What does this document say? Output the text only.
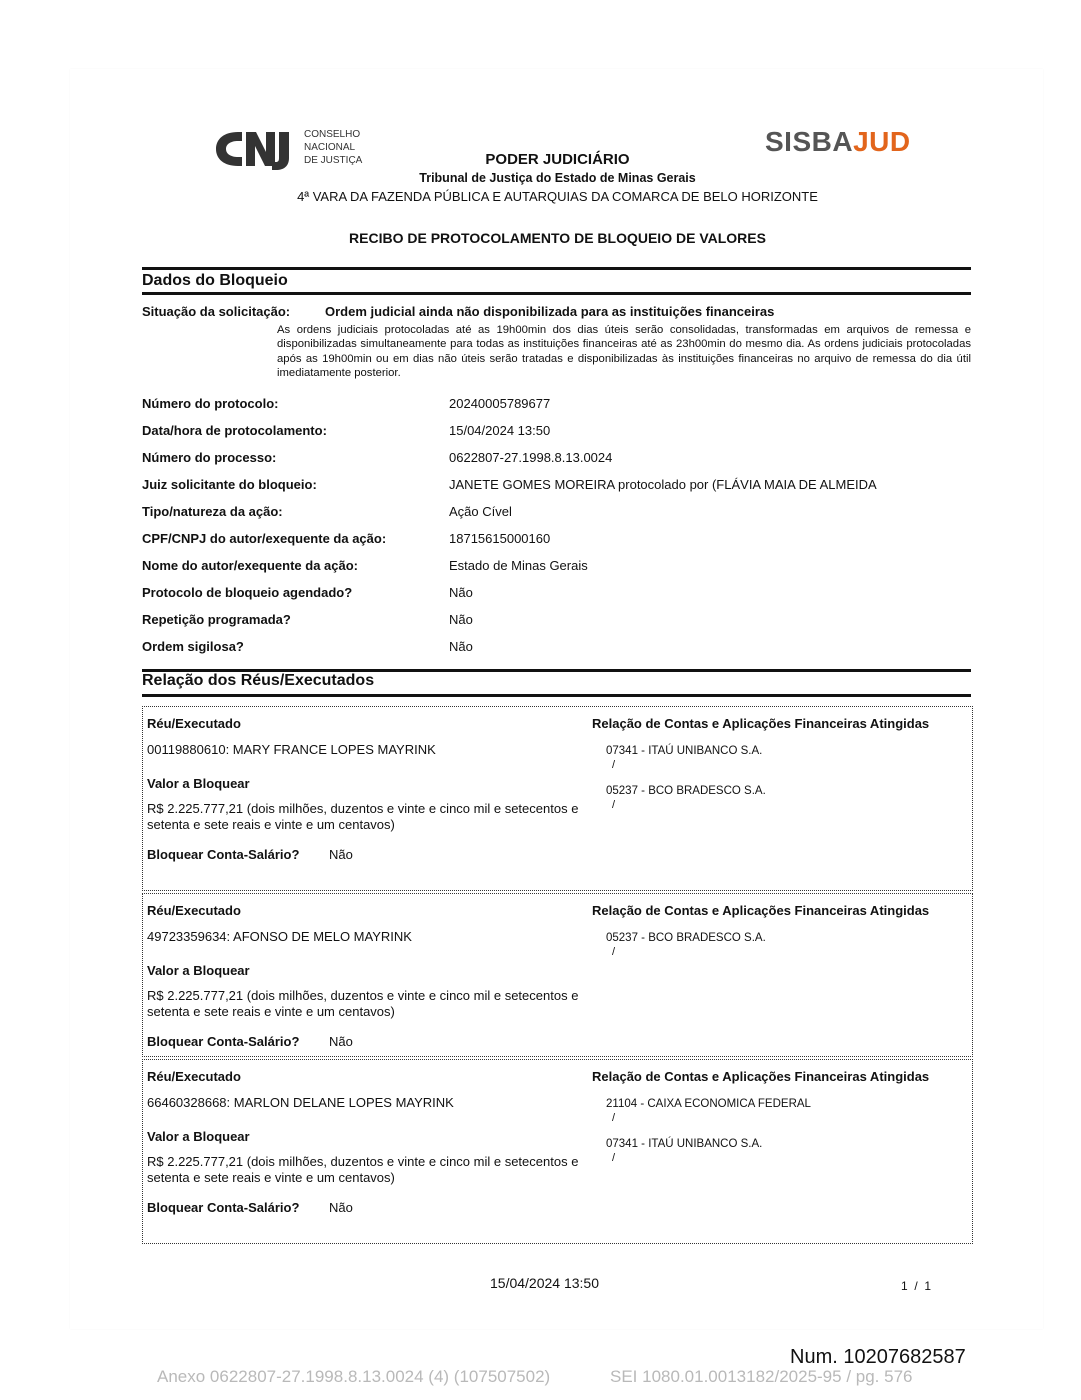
CONSELHO
NACIONAL
DE JUSTIÇA
SISBAJUD
PODER JUDICIÁRIO
Tribunal de Justiça do Estado de Minas Gerais
4ª VARA DA FAZENDA PÚBLICA E AUTARQUIAS DA COMARCA DE BELO HORIZONTE
RECIBO DE PROTOCOLAMENTO DE BLOQUEIO DE VALORES
Dados do Bloqueio
Situação da solicitação:	Ordem judicial ainda não disponibilizada para as instituições financeiras
As ordens judiciais protocoladas até as 19h00min dos dias úteis serão consolidadas, transformadas em arquivos de remessa e disponibilizadas simultaneamente para todas as instituições financeiras até as 23h00min do mesmo dia. As ordens judiciais protocoladas após as 19h00min ou em dias não úteis serão tratadas e disponibilizadas às instituições financeiras no arquivo de remessa do dia útil imediatamente posterior.
Número do protocolo:	20240005789677
Data/hora de protocolamento:	15/04/2024 13:50
Número do processo:	0622807-27.1998.8.13.0024
Juiz solicitante do bloqueio:	JANETE GOMES MOREIRA protocolado por (FLÁVIA MAIA DE ALMEIDA
Tipo/natureza da ação:	Ação Cível
CPF/CNPJ do autor/exequente da ação:	18715615000160
Nome do autor/exequente da ação:	Estado de Minas Gerais
Protocolo de bloqueio agendado?	Não
Repetição programada?	Não
Ordem sigilosa?	Não
Relação dos Réus/Executados
Réu/Executado
00119880610: MARY FRANCE LOPES MAYRINK
Valor a Bloquear
R$ 2.225.777,21 (dois milhões, duzentos e vinte e cinco mil e setecentos e setenta e sete reais e vinte e um centavos)
Bloquear Conta-Salário? Não
Relação de Contas e Aplicações Financeiras Atingidas
07341 - ITAÚ UNIBANCO S.A.
/
05237 - BCO BRADESCO S.A.
/
Réu/Executado
49723359634: AFONSO DE MELO MAYRINK
Valor a Bloquear
R$ 2.225.777,21 (dois milhões, duzentos e vinte e cinco mil e setecentos e setenta e sete reais e vinte e um centavos)
Bloquear Conta-Salário? Não
Relação de Contas e Aplicações Financeiras Atingidas
05237 - BCO BRADESCO S.A.
/
Réu/Executado
66460328668: MARLON DELANE LOPES MAYRINK
Valor a Bloquear
R$ 2.225.777,21 (dois milhões, duzentos e vinte e cinco mil e setecentos e setenta e sete reais e vinte e um centavos)
Bloquear Conta-Salário? Não
Relação de Contas e Aplicações Financeiras Atingidas
21104 - CAIXA ECONOMICA FEDERAL
/
07341 - ITAÚ UNIBANCO S.A.
/
15/04/2024 13:50	1  /  1
Num. 10207682587
Anexo 0622807-27.1998.8.13.0024 (4) (107507502)	SEI 1080.01.0013182/2025-95 / pg. 576
